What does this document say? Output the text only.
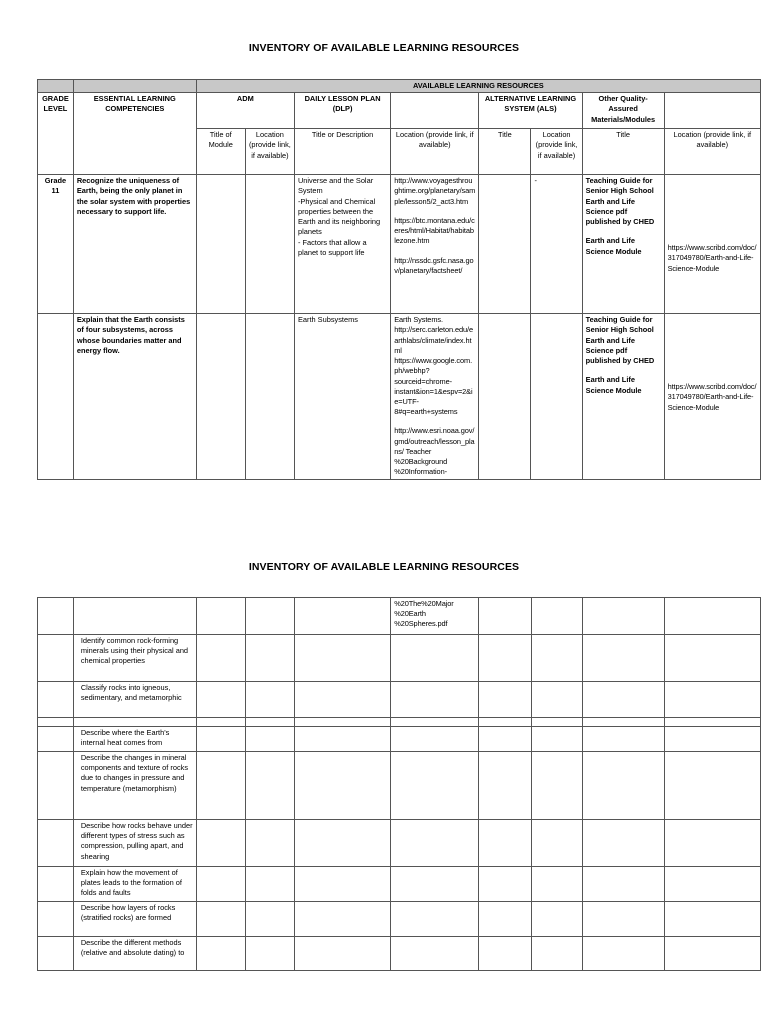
INVENTORY OF AVAILABLE LEARNING RESOURCES
		AVAILABLE LEARNING RESOURCES							
GRADE LEVEL	ESSENTIAL LEARNING COMPETENCIES	ADM		DAILY LESSON PLAN (DLP)		ALTERNATIVE LEARNING SYSTEM (ALS)		Other Quality-Assured Materials/Modules	
		Title of Module	Location (provide link, if available)	Title or Description	Location (provide link, if available)	Title	Location (provide link, if available)	Title	Location (provide link, if available)
Grade 11	Recognize the uniqueness of Earth, being the only planet in the solar system with properties necessary to support life.			Universe and the Solar System
-Physical and Chemical properties between the Earth and its neighboring planets
- Factors that allow a planet to support life	http://www.voyagesthroughtime.org/planetary/sample/lesson5/2_act3.htm
https://btc.montana.edu/ceres/html/Habitat/habitablezone.htm
http://nssdc.gsfc.nasa.gov/planetary/factsheet/		-	Teaching Guide for Senior High School Earth and Life Science pdf published by CHED
Earth and Life Science Module	https://www.scribd.com/doc/317049780/Earth-and-Life-Science-Module

	Explain that the Earth consists of four subsystems, across whose boundaries matter and energy flow.			Earth Subsystems	Earth Systems. http://serc.carleton.edu/earthlabs/climate/index.html https://www.google.com.ph/webhp?sourceid=chrome-instant&ion=1&espv=2&ie=UTF-8#q=earth+systems
http://www.esri.noaa.gov/gmd/outreach/lesson_plans/ Teacher %20Background %20Information-			Teaching Guide for Senior High School Earth and Life Science pdf published by CHED
Earth and Life Science Module	https://www.scribd.com/doc/317049780/Earth-and-Life-Science-Module
INVENTORY OF AVAILABLE LEARNING RESOURCES
					%20The%20Major %20Earth %20Spheres.pdf				
	Identify common rock-forming minerals using their physical and chemical properties								
	Classify rocks into igneous, sedimentary, and metamorphic								

	Describe where the Earth's internal heat comes from								
	Describe the changes in mineral components and texture of rocks due to changes in pressure and temperature (metamorphism)								
	Describe how rocks behave under different types of stress such as compression, pulling apart, and shearing								
	Explain how the movement of plates leads to the formation of folds and faults								
	Describe how layers of rocks (stratified rocks) are formed								
	Describe the different methods (relative and absolute dating) to								
